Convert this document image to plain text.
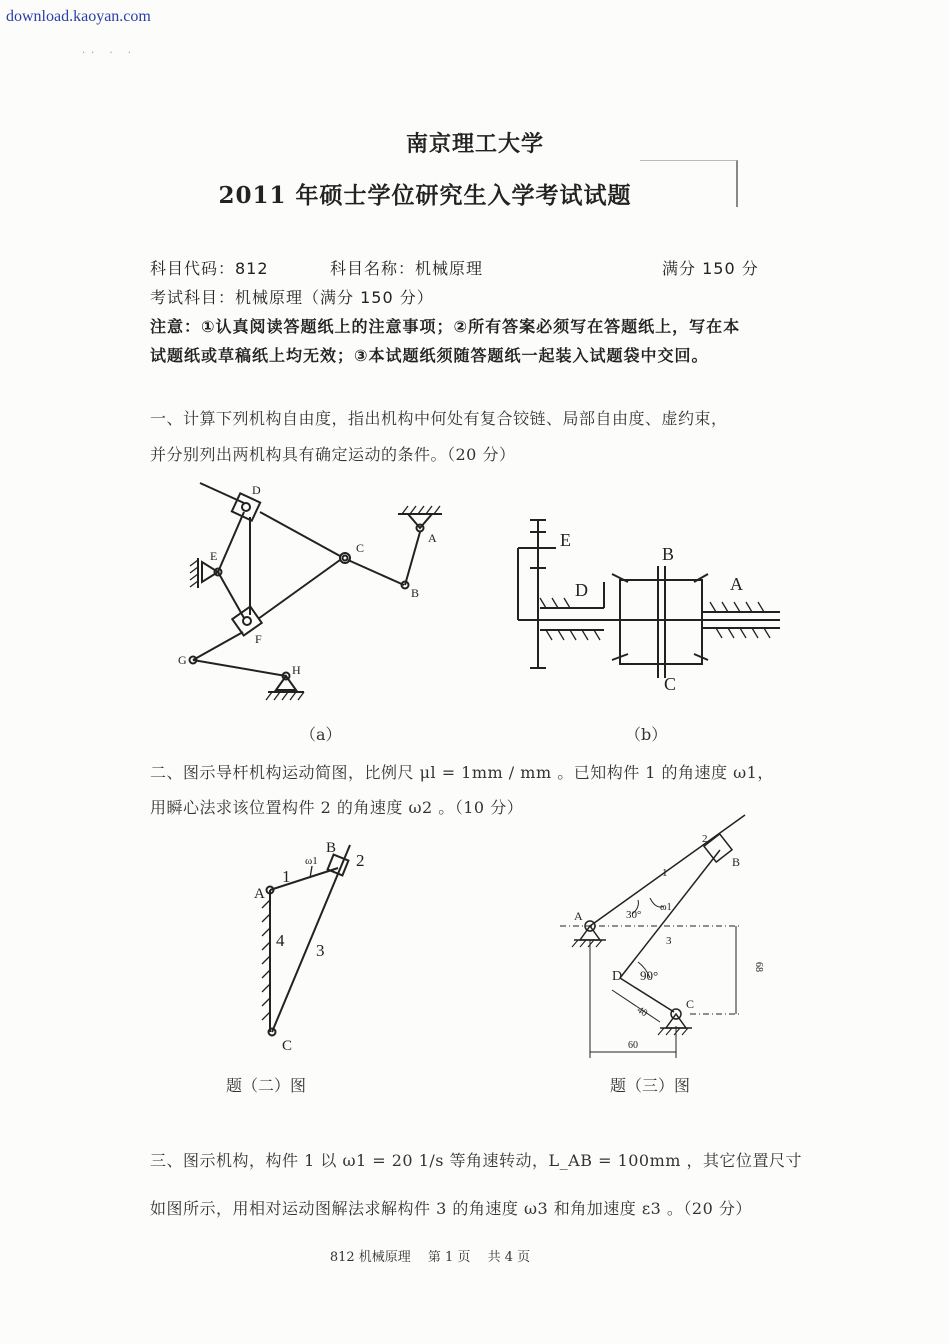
download.kaoyan.com
·· · ·
南京理工大学
2011 年硕士学位研究生入学考试试题
科目代码：812	科目名称：机械原理	满分 150 分
考试科目：机械原理（满分 150 分）
注意：①认真阅读答题纸上的注意事项；②所有答案必须写在答题纸上，写在本
试题纸或草稿纸上均无效；③本试题纸须随答题纸一起装入试题袋中交回。
一、计算下列机构自由度，指出机构中何处有复合铰链、局部自由度、虚约束，
并分别列出两机构具有确定运动的条件。（20 分）
D
E
C
A
B
F
G
H
E
D
B
A
C
A
B
C
1
2
3
4
ω1
A
B
C
D
1
2
3
30°
90°
40
60
68
ω1
（a）	（b）
二、图示导杆机构运动简图，比例尺 μl = 1mm / mm 。已知构件 1 的角速度 ω1，
用瞬心法求该位置构件 2 的角速度 ω2 。（10 分）
题（二）图	题（三）图
三、图示机构，构件 1 以 ω1 = 20 1/s 等角速转动，L_AB = 100mm ，其它位置尺寸
如图所示，用相对运动图解法求解构件 3 的角速度 ω3 和角加速度 ε3 。（20 分）
812 机械原理　 第 1 页　 共 4 页
